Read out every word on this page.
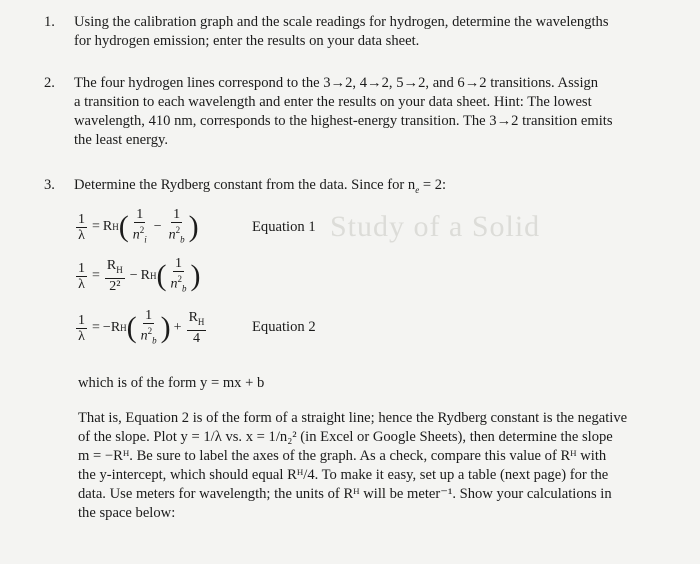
Study of a Solid
1. Using the calibration graph and the scale readings for hydrogen, determine the wavelengths
for hydrogen emission; enter the results on your data sheet.
2. The four hydrogen lines correspond to the 3→2, 4→2, 5→2, and 6→2 transitions. Assign
a transition to each wavelength and enter the results on your data sheet. Hint: The lowest
wavelength, 410 nm, corresponds to the highest-energy transition. The 3→2 transition emits
the least energy.
3. Determine the Rydberg constant from the data. Since for $n_e = 2$:
$\frac{1}{\lambda} = R$ H ( $\frac{1}{n^2_i} - \frac{1}{n^2_b}$ )	Equation 1
$\frac{1}{\lambda} = \frac{R_H}{\text{2²}} - R$ H ( $\frac{1}{n^2_b}$ )
$\frac{1}{\lambda}$ = − R H ( $\frac{1}{n^2_b}$ ) + $\frac{R_H}{4}$	Equation 2
which is of the form y = mx + b
That is, Equation 2 is of the form of a straight line; hence the Rydberg constant is the negative
of the slope. Plot y = 1/λ vs. x = 1/n₂² (in Excel or Google Sheets), then determine the slope
m = −Rᴴ. Be sure to label the axes of the graph. As a check, compare this value of Rᴴ with
the y-intercept, which should equal Rᴴ/4. To make it easy, set up a table (next page) for the
data. Use meters for wavelength; the units of Rᴴ will be meter⁻¹. Show your calculations in
the space below:
